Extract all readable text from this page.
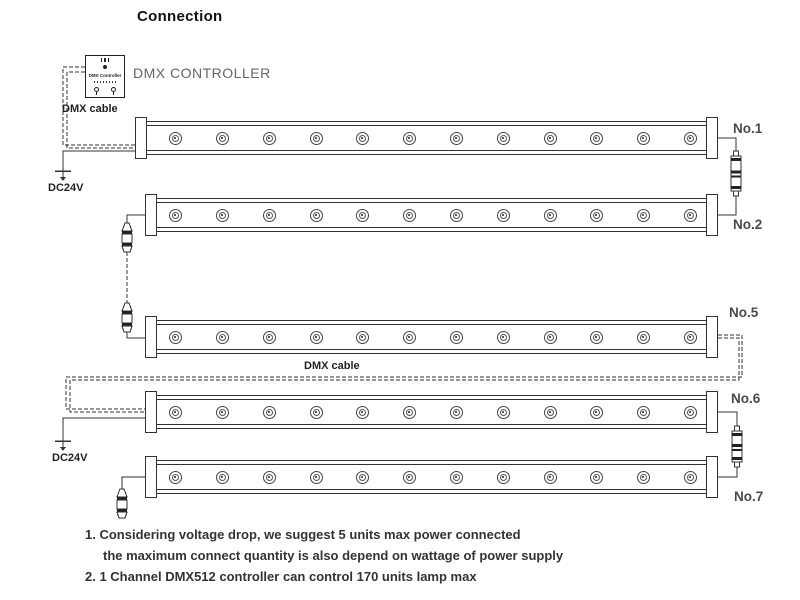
Connection
DMX Controller DMX CONTROLLER
DMX cable
DMX cable
DC24V
DC24V
No.1
No.2
No.5
No.6
No.7
1. Considering voltage drop, we suggest 5 units max power connected
the maximum connect quantity is also depend on wattage of power supply
2. 1 Channel DMX512 controller can control 170 units lamp max
